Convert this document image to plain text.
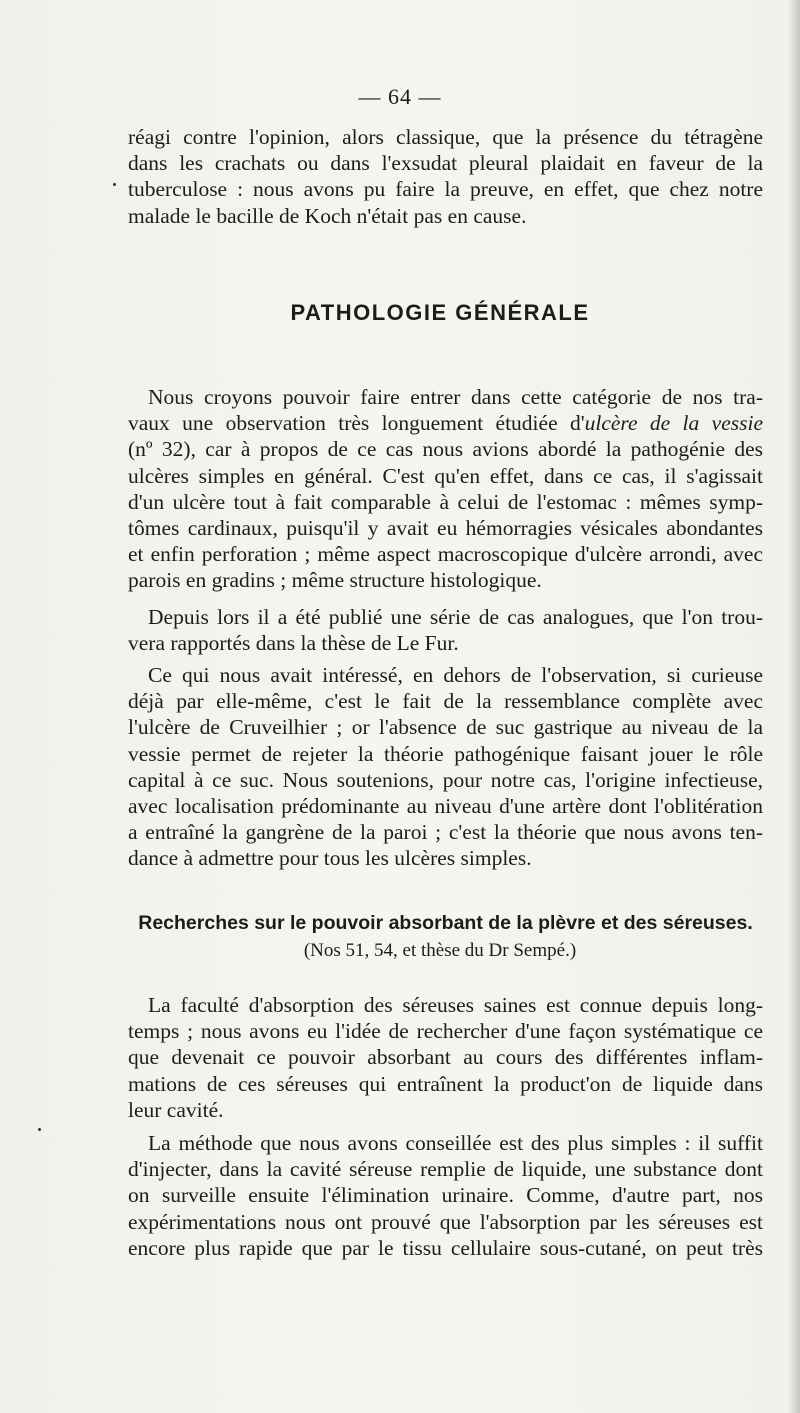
— 64 —
réagi contre l'opinion, alors classique, que la présence du tétragène
dans les crachats ou dans l'exsudat pleural plaidait en faveur de la
tuberculose : nous avons pu faire la preuve, en effet, que chez notre
malade le bacille de Koch n'était pas en cause.
PATHOLOGIE GÉNÉRALE
Nous croyons pouvoir faire entrer dans cette catégorie de nos tra-
vaux une observation très longuement étudiée d'ulcère de la vessie
(nº 32), car à propos de ce cas nous avions abordé la pathogénie des
ulcères simples en général. C'est qu'en effet, dans ce cas, il s'agissait
d'un ulcère tout à fait comparable à celui de l'estomac : mêmes symp-
tômes cardinaux, puisqu'il y avait eu hémorragies vésicales abondantes
et enfin perforation ; même aspect macroscopique d'ulcère arrondi, avec
parois en gradins ; même structure histologique.
Depuis lors il a été publié une série de cas analogues, que l'on trou-
vera rapportés dans la thèse de Le Fur.
Ce qui nous avait intéressé, en dehors de l'observation, si curieuse
déjà par elle-même, c'est le fait de la ressemblance complète avec
l'ulcère de Cruveilhier ; or l'absence de suc gastrique au niveau de la
vessie permet de rejeter la théorie pathogénique faisant jouer le rôle
capital à ce suc. Nous soutenions, pour notre cas, l'origine infectieuse,
avec localisation prédominante au niveau d'une artère dont l'oblitération
a entraîné la gangrène de la paroi ; c'est la théorie que nous avons ten-
dance à admettre pour tous les ulcères simples.
Recherches sur le pouvoir absorbant de la plèvre et des séreuses.
(Nos 51, 54, et thèse du Dr Sempé.)
La faculté d'absorption des séreuses saines est connue depuis long-
temps ; nous avons eu l'idée de rechercher d'une façon systématique ce
que devenait ce pouvoir absorbant au cours des différentes inflam-
mations de ces séreuses qui entraînent la product'on de liquide dans
leur cavité.
La méthode que nous avons conseillée est des plus simples : il suffit
d'injecter, dans la cavité séreuse remplie de liquide, une substance dont
on surveille ensuite l'élimination urinaire. Comme, d'autre part, nos
expérimentations nous ont prouvé que l'absorption par les séreuses est
encore plus rapide que par le tissu cellulaire sous-cutané, on peut très
